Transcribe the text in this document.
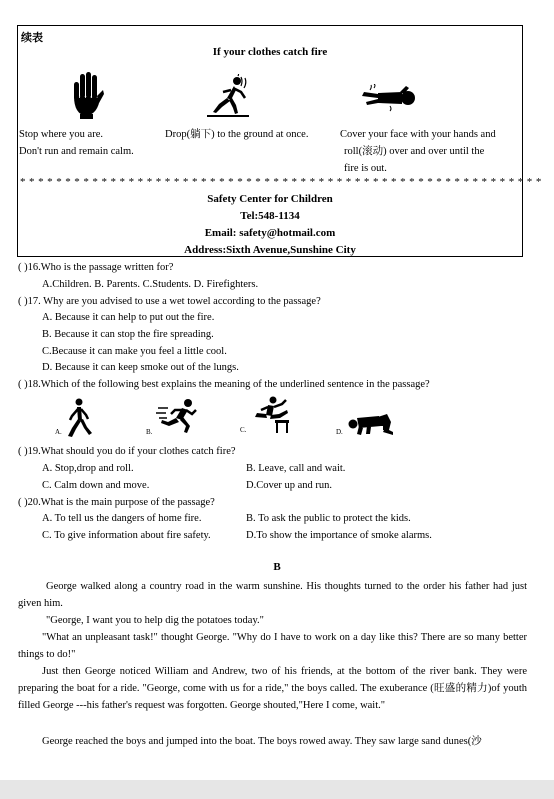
续表
If your clothes catch fire
Stop where you are.
Don't run and remain calm.
Drop(躺下) to the ground at once.	Cover your face with your hands and
roll(滚动) over and over until the
fire is out.
* * * * * * * * * * * * * * * * * * * * * * * * * * * * * * * * * * * * * * * * * * * * * * * * * * * * * * * * * *
Safety Center for Children
Tel:548-1134
Email: safety@hotmail.com
Address:Sixth Avenue,Sunshine City
( )16.Who is the passage written for?
A.Children. B. Parents. C.Students. D. Firefighters.
( )17. Why are you advised to use a wet towel according to the passage?
A. Because it can help to put out the fire.
B. Because it can stop the fire spreading.
C.Because it can make you feel a little cool.
D. Because it can keep smoke out of the lungs.
( )18.Which of the following best explains the meaning of the underlined sentence in the passage?
A.	B.	C.	D.
( )19.What should you do if your clothes catch fire?
A. Stop,drop and roll.	B. Leave, call and wait.
C. Calm down and move.	D.Cover up and run.
( )20.What is the main purpose of the passage?
A. To tell us the dangers of home fire.	B. To ask the public to protect the kids.
C. To give information about fire safety.	D.To show the importance of smoke alarms.
B
George walked along a country road in the warm sunshine. His thoughts turned to the order his father had just given him.
"George, I want you to help dig the potatoes today."
"What an unpleasant task!" thought George. "Why do I have to work on a day like this? There are so many better things to do!"
Just then George noticed William and Andrew, two of his friends, at the bottom of the river bank. They were preparing the boat for a ride. "George, come with us for a ride," the boys called. The exuberance (旺盛的精力)of youth filled George ---his father's request was forgotten. George shouted,"Here I come, wait."
George reached the boys and jumped into the boat. The boys rowed away. They saw large sand dunes(沙
